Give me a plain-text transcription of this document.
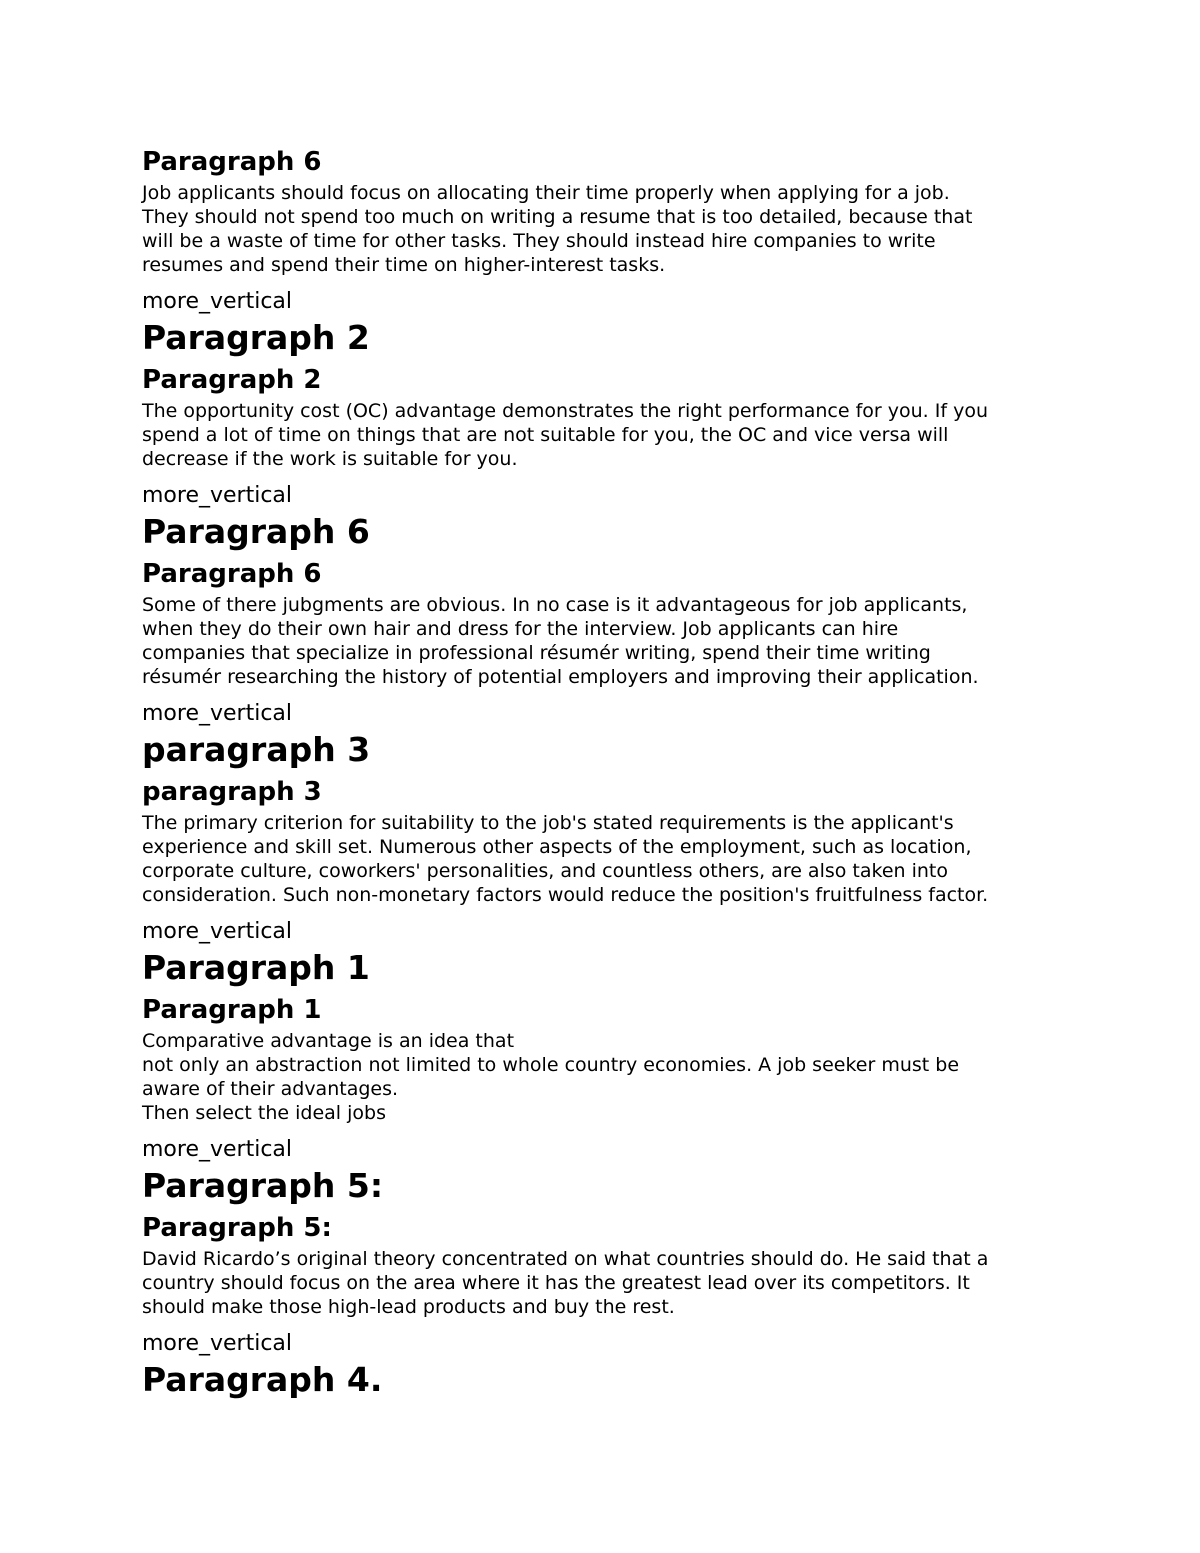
Paragraph 6
Job applicants should focus on allocating their time properly when applying for a job.
They should not spend too much on writing a resume that is too detailed, because that
will be a waste of time for other tasks. They should instead hire companies to write
resumes and spend their time on higher-interest tasks.
more_vertical
Paragraph 2
Paragraph 2
The opportunity cost (OC) advantage demonstrates the right performance for you. If you
spend a lot of time on things that are not suitable for you, the OC and vice versa will
decrease if the work is suitable for you.
more_vertical
Paragraph 6
Paragraph 6
Some of there jubgments are obvious. In no case is it advantageous for job applicants,
when they do their own hair and dress for the interview. Job applicants can hire
companies that specialize in professional résumér writing, spend their time writing
résumér researching the history of potential employers and improving their application.
more_vertical
paragraph 3
paragraph 3
The primary criterion for suitability to the job's stated requirements is the applicant's
experience and skill set. Numerous other aspects of the employment, such as location,
corporate culture, coworkers' personalities, and countless others, are also taken into
consideration. Such non-monetary factors would reduce the position's fruitfulness factor.
more_vertical
Paragraph 1
Paragraph 1
Comparative advantage is an idea that
not only an abstraction not limited to whole country economies. A job seeker must be
aware of their advantages.
Then select the ideal jobs
more_vertical
Paragraph 5:
Paragraph 5:
David Ricardo’s original theory concentrated on what countries should do. He said that a
country should focus on the area where it has the greatest lead over its competitors. It
should make those high-lead products and buy the rest.
more_vertical
Paragraph 4.
